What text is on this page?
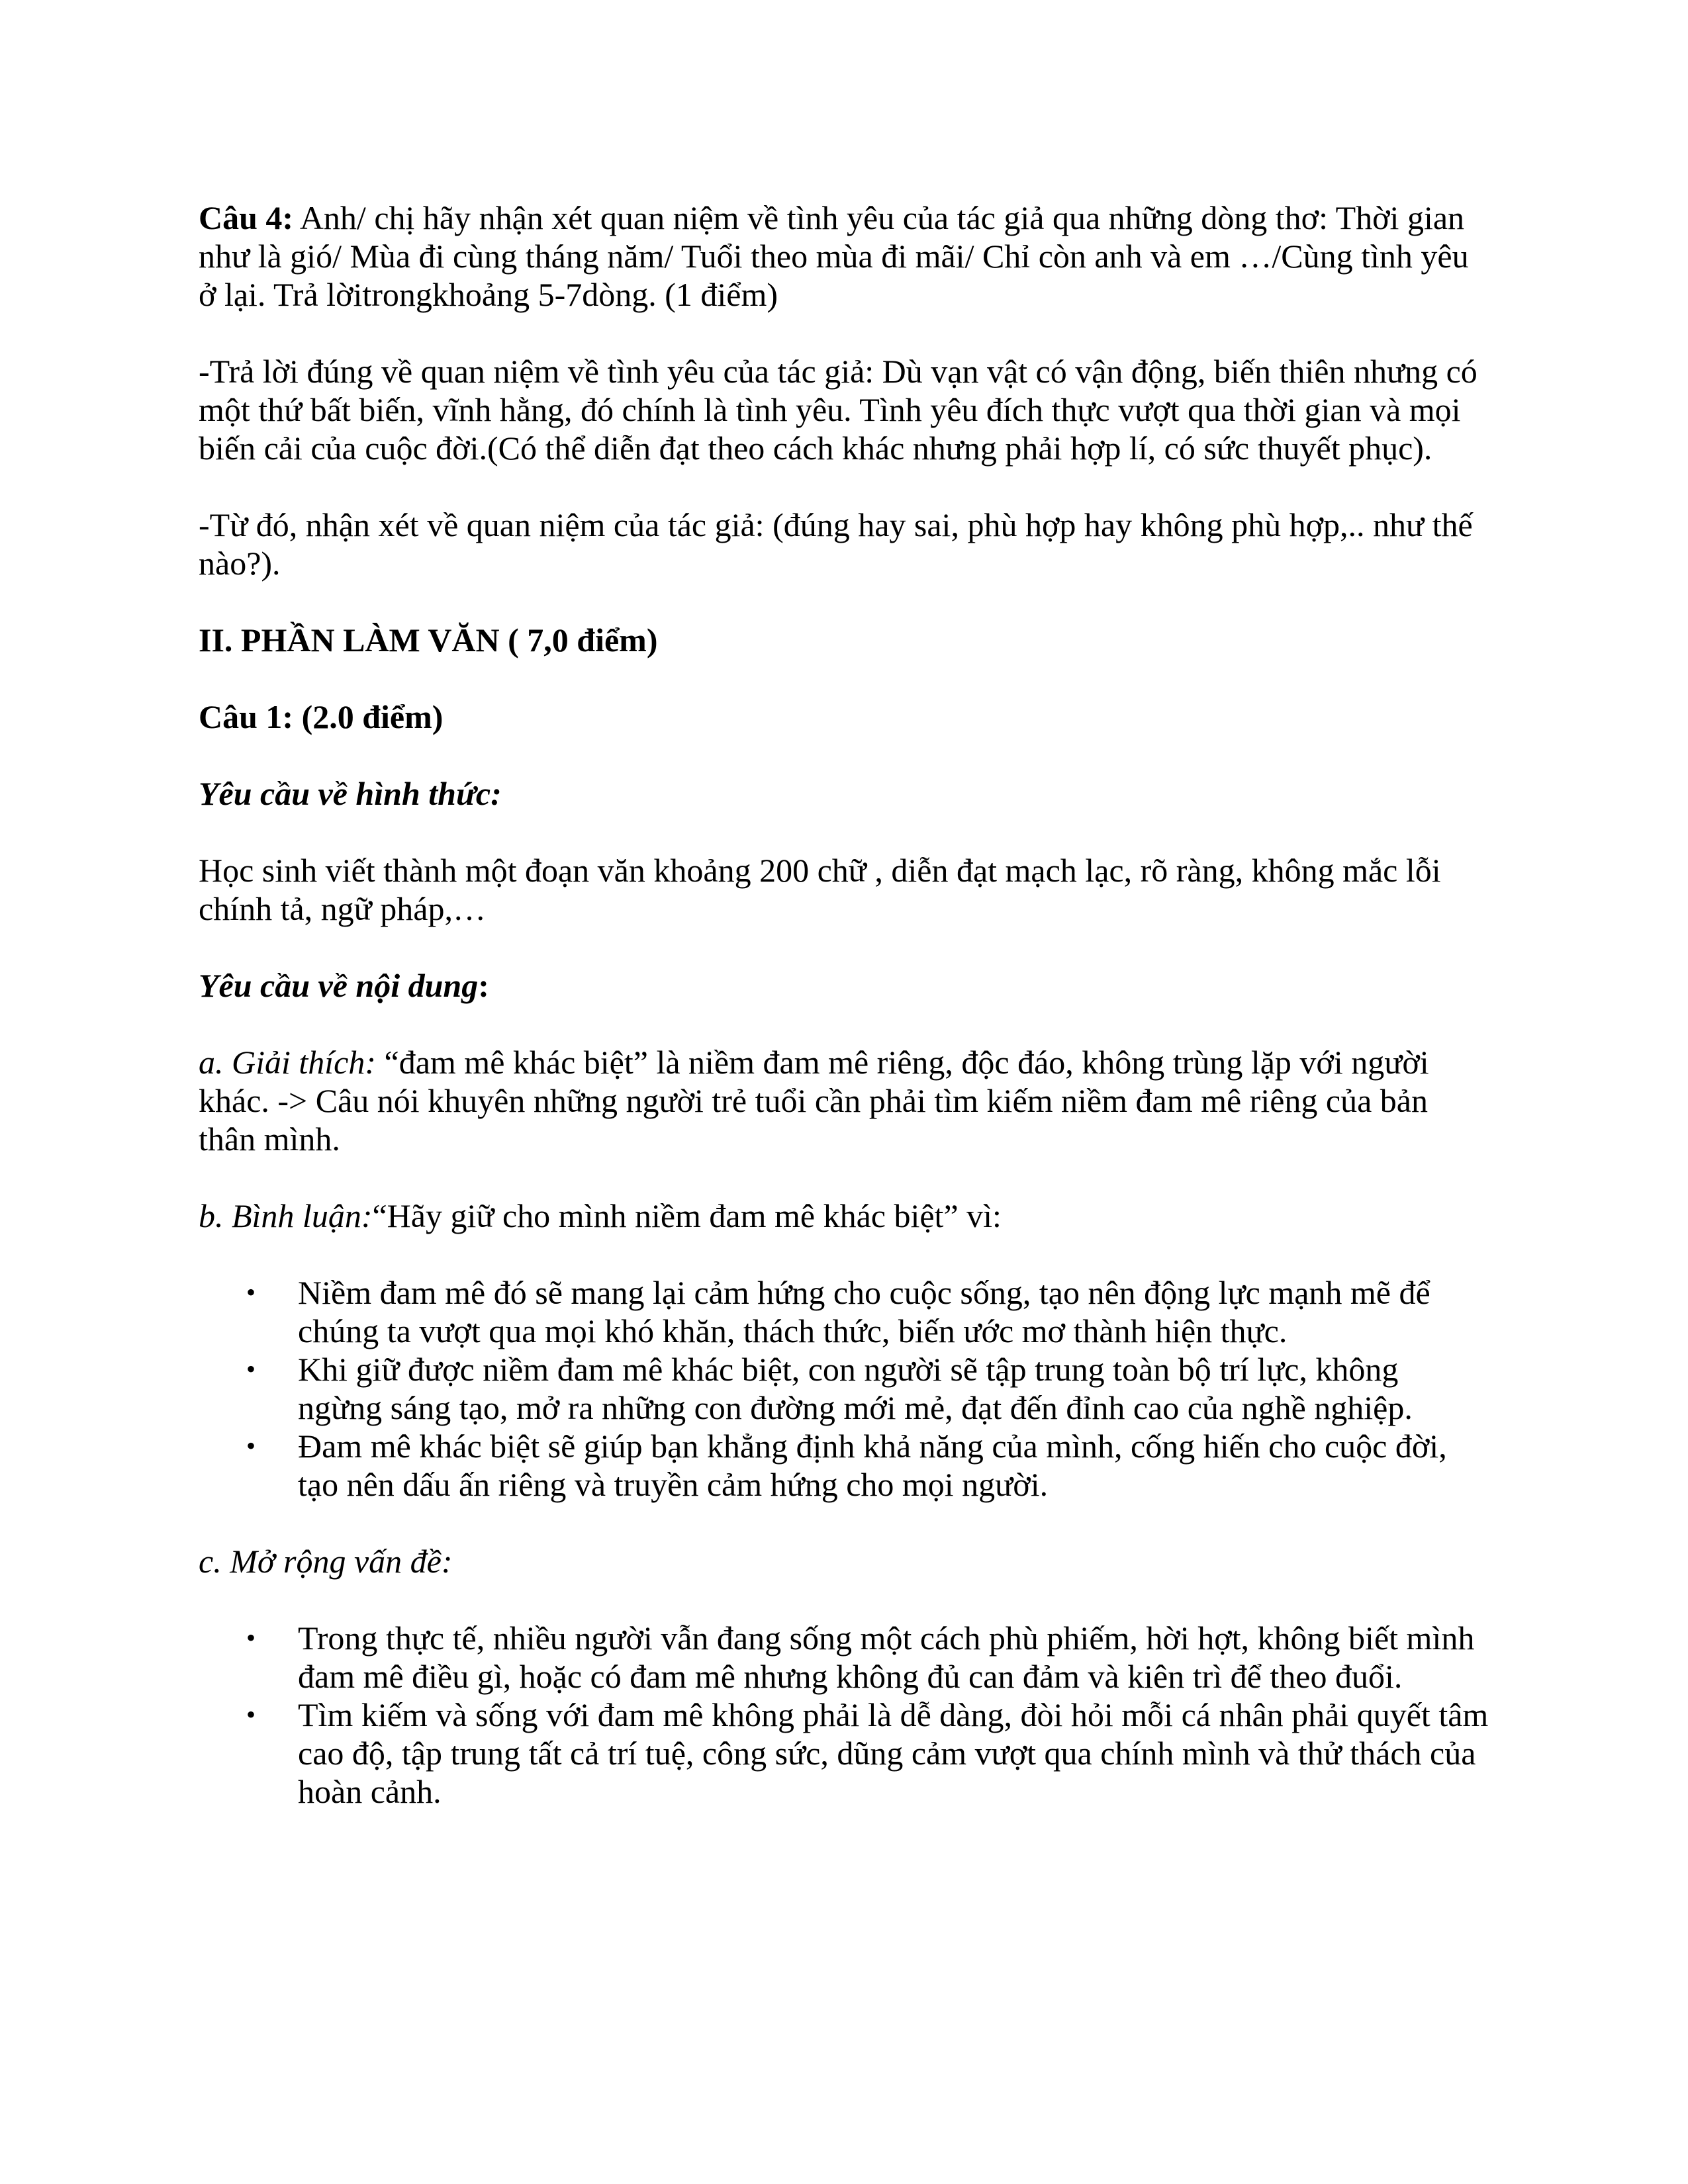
Câu 4: Anh/ chị hãy nhận xét quan niệm về tình yêu của tác giả qua những dòng thơ: Thời gian như là gió/ Mùa đi cùng tháng năm/ Tuổi theo mùa đi mãi/ Chỉ còn anh và em …/Cùng tình yêu ở lại. Trả lờitrongkhoảng 5-7dòng. (1 điểm)

-Trả lời đúng về quan niệm về tình yêu của tác giả: Dù vạn vật có vận động, biến thiên nhưng có một thứ bất biến, vĩnh hằng, đó chính là tình yêu. Tình yêu đích thực vượt qua thời gian và mọi biến cải của cuộc đời.(Có thể diễn đạt theo cách khác nhưng phải hợp lí, có sức thuyết phục).

-Từ đó, nhận xét về quan niệm của tác giả: (đúng hay sai, phù hợp hay không phù hợp,.. như thế nào?).

II. PHẦN LÀM VĂN ( 7,0 điểm)

Câu 1: (2.0 điểm)

Yêu cầu về hình thức:

Học sinh viết thành một đoạn văn khoảng 200 chữ , diễn đạt mạch lạc, rõ ràng, không mắc lỗi chính tả, ngữ pháp,…

Yêu cầu về nội dung:

a. Giải thích: “đam mê khác biệt” là niềm đam mê riêng, độc đáo, không trùng lặp với người khác. -> Câu nói khuyên những người trẻ tuổi cần phải tìm kiếm niềm đam mê riêng của bản thân mình.

b. Bình luận:“Hãy giữ cho mình niềm đam mê khác biệt” vì:

• Niềm đam mê đó sẽ mang lại cảm hứng cho cuộc sống, tạo nên động lực mạnh mẽ để chúng ta vượt qua mọi khó khăn, thách thức, biến ước mơ thành hiện thực.
• Khi giữ được niềm đam mê khác biệt, con người sẽ tập trung toàn bộ trí lực, không ngừng sáng tạo, mở ra những con đường mới mẻ, đạt đến đỉnh cao của nghề nghiệp.
• Đam mê khác biệt sẽ giúp bạn khẳng định khả năng của mình, cống hiến cho cuộc đời, tạo nên dấu ấn riêng và truyền cảm hứng cho mọi người.

c. Mở rộng vấn đề:

• Trong thực tế, nhiều người vẫn đang sống một cách phù phiếm, hời hợt, không biết mình đam mê điều gì, hoặc có đam mê nhưng không đủ can đảm và kiên trì để theo đuổi.
• Tìm kiếm và sống với đam mê không phải là dễ dàng, đòi hỏi mỗi cá nhân phải quyết tâm cao độ, tập trung tất cả trí tuệ, công sức, dũng cảm vượt qua chính mình và thử thách của hoàn cảnh.
